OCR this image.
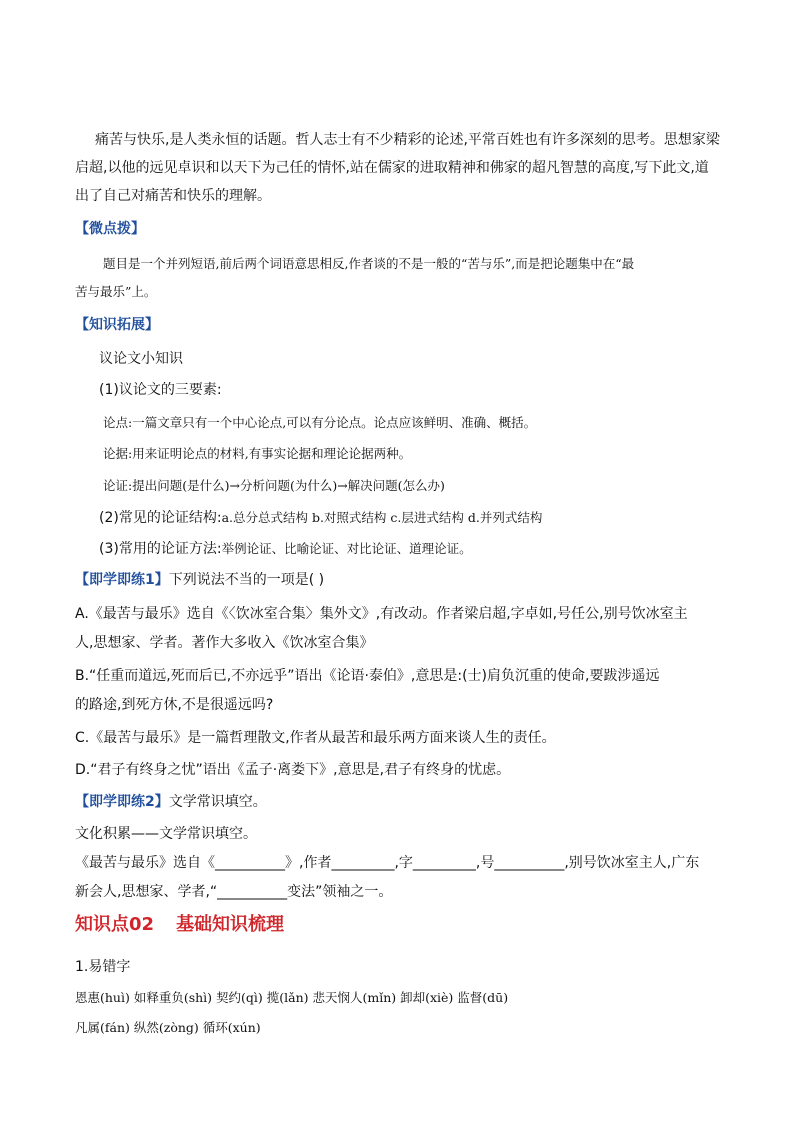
痛苦与快乐,是人类永恒的话题。哲人志士有不少精彩的论述,平常百姓也有许多深刻的思考。思想家梁
启超,以他的远见卓识和以天下为己任的情怀,站在儒家的进取精神和佛家的超凡智慧的高度,写下此文,道
出了自己对痛苦和快乐的理解。
【微点拨】
题目是一个并列短语,前后两个词语意思相反,作者谈的不是一般的“苦与乐”,而是把论题集中在“最
苦与最乐”上。
【知识拓展】
议论文小知识
(1)议论文的三要素:
论点:一篇文章只有一个中心论点,可以有分论点。论点应该鲜明、准确、概括。
论据:用来证明论点的材料,有事实论据和理论论据两种。
论证:提出问题(是什么)→分析问题(为什么)→解决问题(怎么办)
(2)常见的论证结构:a.总分总式结构 b.对照式结构 c.层进式结构 d.并列式结构
(3)常用的论证方法:举例论证、比喻论证、对比论证、道理论证。
【即学即练1】下列说法不当的一项是( )
A.《最苦与最乐》选自《〈饮冰室合集〉集外文》,有改动。作者梁启超,字卓如,号任公,别号饮冰室主
人,思想家、学者。著作大多收入《饮冰室合集》
B.“任重而道远,死而后已,不亦远乎”语出《论语·泰伯》,意思是:(士)肩负沉重的使命,要跋涉遥远
的路途,到死方休,不是很遥远吗?
C.《最苦与最乐》是一篇哲理散文,作者从最苦和最乐两方面来谈人生的责任。
D.“君子有终身之忧”语出《孟子·离娄下》,意思是,君子有终身的忧虑。
【即学即练2】文学常识填空。
文化积累——文学常识填空。
《最苦与最乐》选自《__________》,作者_________,字_________,号__________,别号饮冰室主人,广东
新会人,思想家、学者,“__________变法”领袖之一。
知识点02 基础知识梳理
1.易错字
恩惠(huì) 如释重负(shì) 契约(qì) 揽(lǎn) 悲天悯人(mǐn) 卸却(xiè) 监督(dū)
凡属(fán) 纵然(zòng) 循环(xún)
